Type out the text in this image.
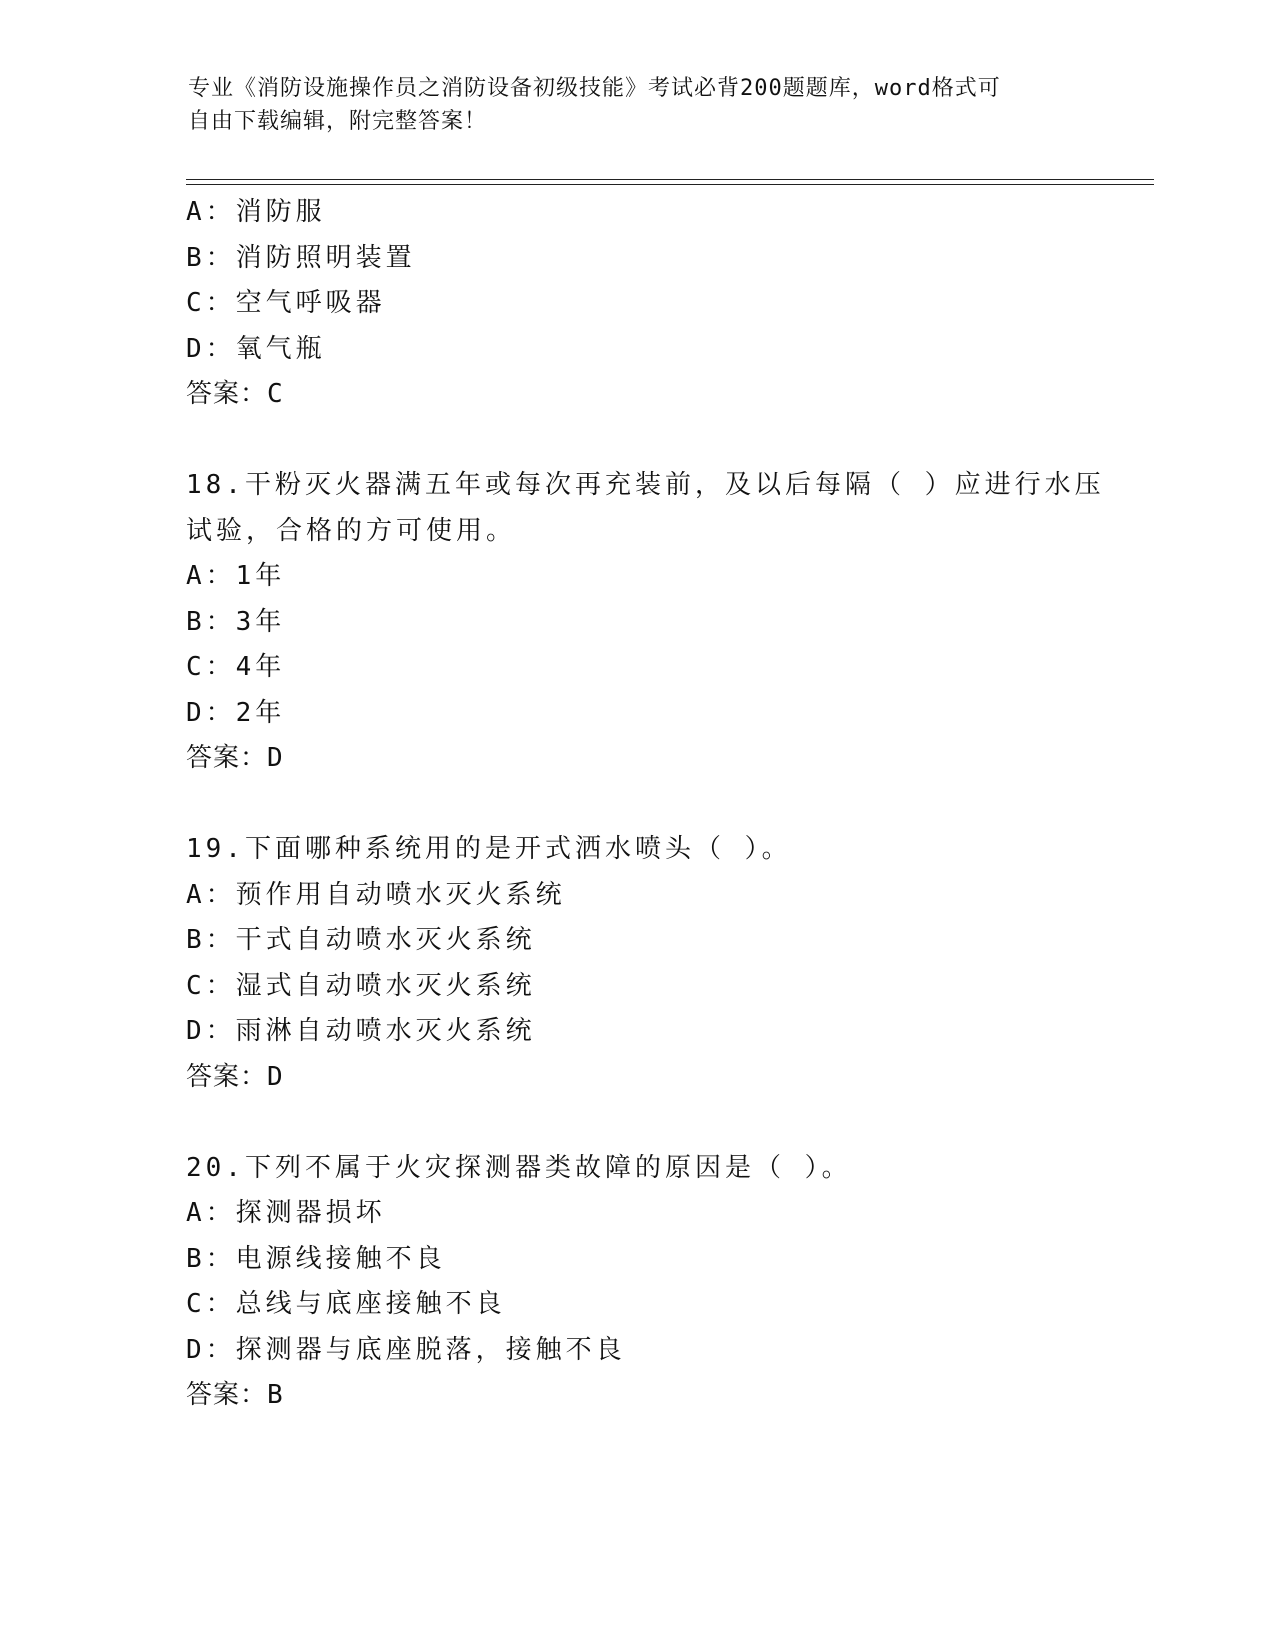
专业《消防设施操作员之消防设备初级技能》考试必背200题题库，word格式可
自由下载编辑，附完整答案！
A：消防服
B：消防照明装置
C：空气呼吸器
D：氧气瓶
答案：C
18.干粉灭火器满五年或每次再充装前，及以后每隔（ ）应进行水压
试验，合格的方可使用。
A：1年
B：3年
C：4年
D：2年
答案：D
19.下面哪种系统用的是开式洒水喷头（ ）。
A：预作用自动喷水灭火系统
B：干式自动喷水灭火系统
C：湿式自动喷水灭火系统
D：雨淋自动喷水灭火系统
答案：D
20.下列不属于火灾探测器类故障的原因是（ ）。
A：探测器损坏
B：电源线接触不良
C：总线与底座接触不良
D：探测器与底座脱落，接触不良
答案：B
